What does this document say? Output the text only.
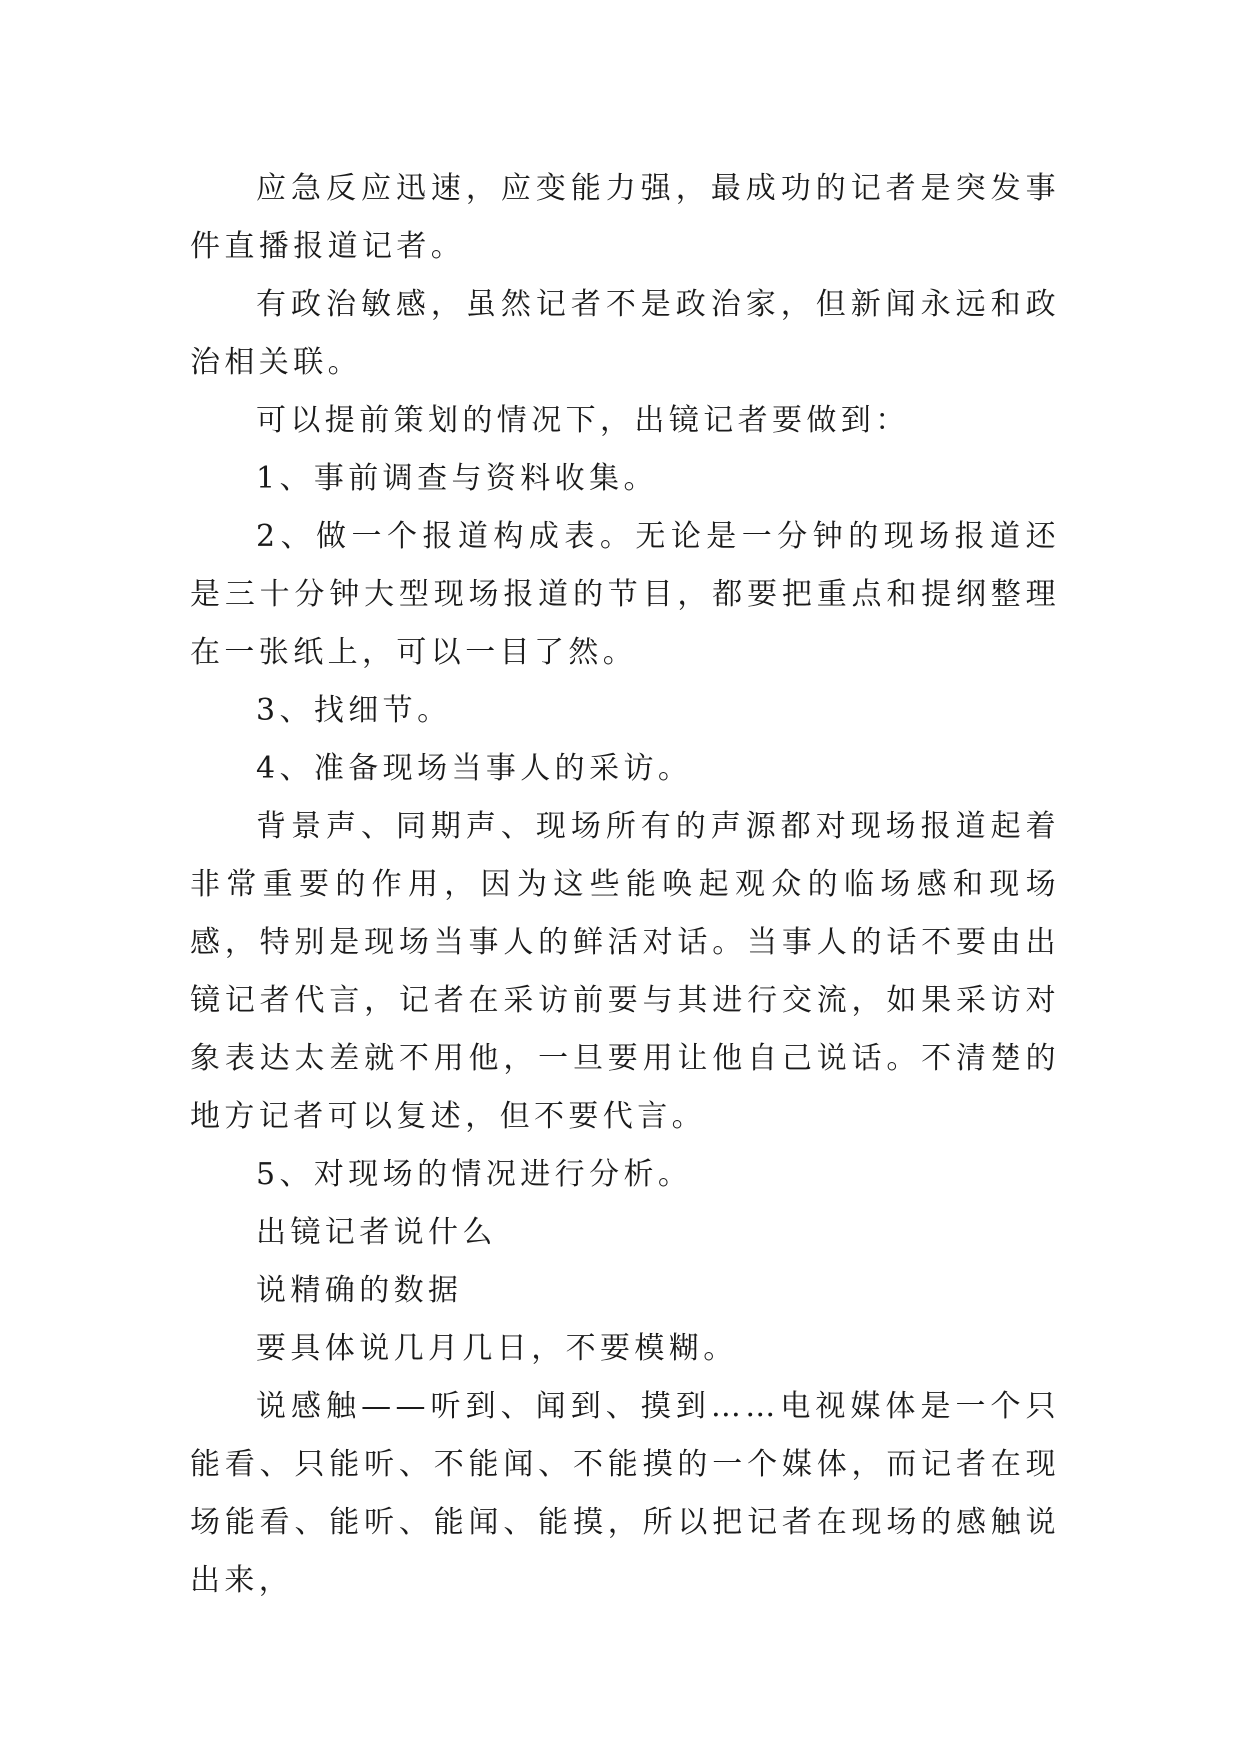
应急反应迅速，应变能力强，最成功的记者是突发事件直播报道记者。

有政治敏感，虽然记者不是政治家，但新闻永远和政治相关联。

可以提前策划的情况下，出镜记者要做到：

1、事前调查与资料收集。

2、做一个报道构成表。无论是一分钟的现场报道还是三十分钟大型现场报道的节目，都要把重点和提纲整理在一张纸上，可以一目了然。

3、找细节。

4、准备现场当事人的采访。

背景声、同期声、现场所有的声源都对现场报道起着非常重要的作用，因为这些能唤起观众的临场感和现场感，特别是现场当事人的鲜活对话。当事人的话不要由出镜记者代言，记者在采访前要与其进行交流，如果采访对象表达太差就不用他，一旦要用让他自己说话。不清楚的地方记者可以复述，但不要代言。

5、对现场的情况进行分析。

出镜记者说什么

说精确的数据

要具体说几月几日，不要模糊。

说感触——听到、闻到、摸到……电视媒体是一个只能看、只能听、不能闻、不能摸的一个媒体，而记者在现场能看、能听、能闻、能摸，所以把记者在现场的感触说出来，
